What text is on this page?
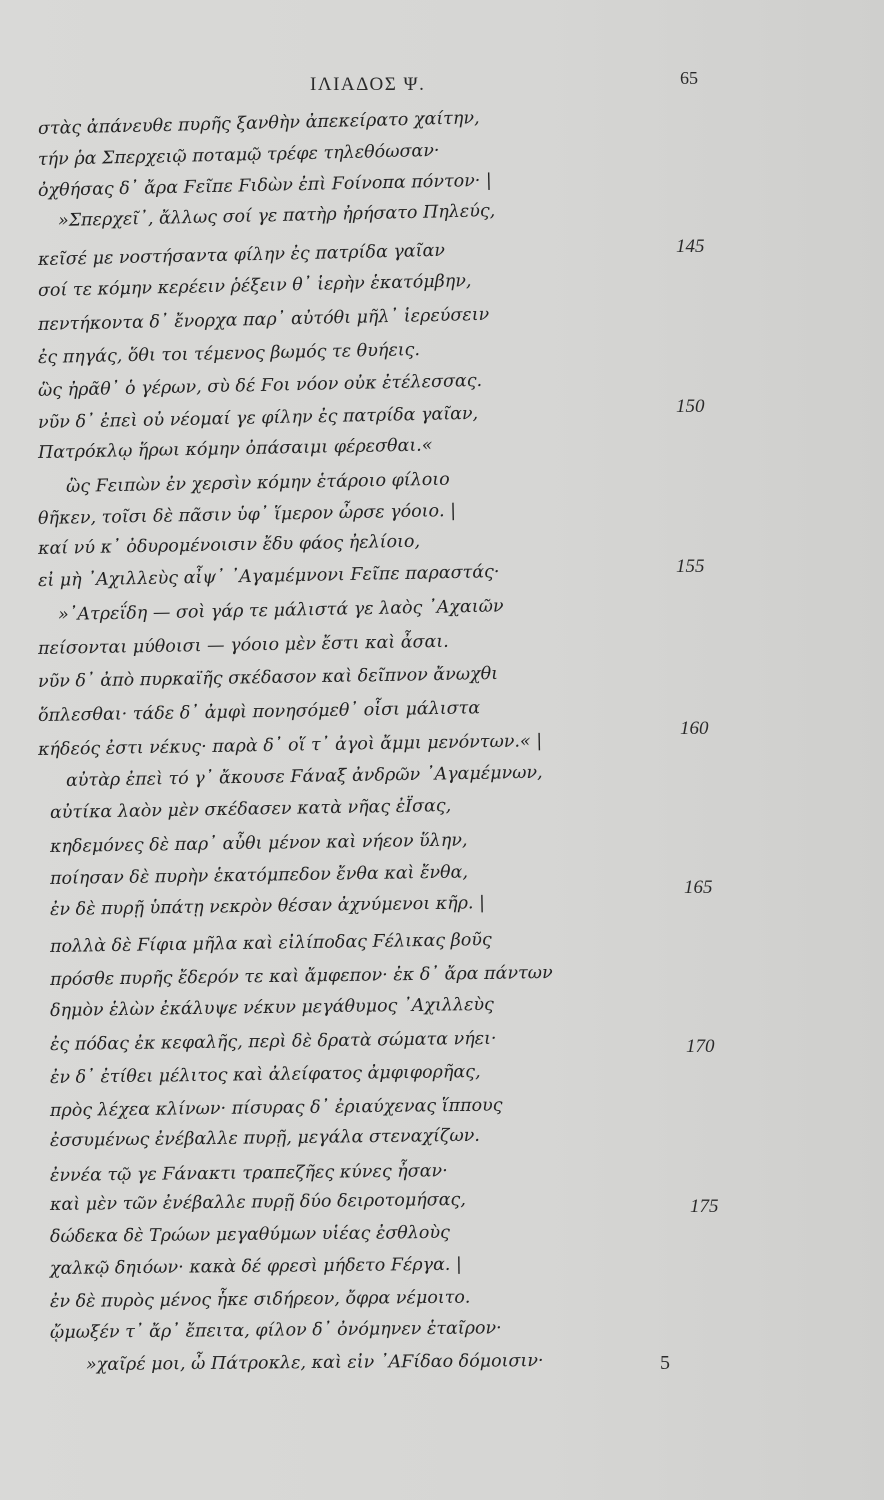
ΙΛΙΑΔΟΣ Ψ.	65
στὰς ἀπάνευθε πυρῆς ξανθὴν ἀπεκείρατο χαίτην,
τήν ῥα Σπερχειῷ ποταμῷ τρέφε τηλεθόωσαν·
ὀχθήσας δ᾽ ἄρα Ϝεῖπε Ϝιδὼν ἐπὶ Ϝοίνοπα πόντον· |
»Σπερχεῖ᾽, ἄλλως σοί γε πατὴρ ἠρήσατο Πηλεύς,
κεῖσέ με νοστήσαντα φίλην ἐς πατρίδα γαῖαν
σοί τε κόμην κερέειν ῥέξειν θ᾽ ἱερὴν ἑκατόμβην,
πεντήκοντα δ᾽ ἔνορχα παρ᾽ αὐτόθι μῆλ᾽ ἱερεύσειν
ἐς πηγάς, ὅθι τοι τέμενος βωμός τε θυήεις.
ὣς ἠρᾶθ᾽ ὁ γέρων, σὺ δέ Ϝοι νόον οὐκ ἐτέλεσσας.
νῦν δ᾽ ἐπεὶ οὐ νέομαί γε φίλην ἐς πατρίδα γαῖαν,
Πατρόκλῳ ἥρωι κόμην ὀπάσαιμι φέρεσθαι.«
ὣς Ϝειπὼν ἐν χερσὶν κόμην ἑτάροιο φίλοιο
θῆκεν, τοῖσι δὲ πᾶσιν ὑφ᾽ ἵμερον ὦρσε γόοιο. |
καί νύ κ᾽ ὀδυρομένοισιν ἔδυ φάος ἠελίοιο,
εἰ μὴ ᾽Αχιλλεὺς αἶψ᾽ ᾽Αγαμέμνονι Ϝεῖπε παραστάς·
»᾽Ατρεΐδη — σοὶ γάρ τε μάλιστά γε λαὸς ᾽Αχαιῶν
πείσονται μύθοισι — γόοιο μὲν ἔστι καὶ ἆσαι.
νῦν δ᾽ ἀπὸ πυρκαϊῆς σκέδασον καὶ δεῖπνον ἄνωχθι
ὅπλεσθαι· τάδε δ᾽ ἀμφὶ πονησόμεθ᾽ οἷσι μάλιστα
κήδεός ἐστι νέκυς· παρὰ δ᾽ οἵ τ᾽ ἀγοὶ ἄμμι μενόντων.« |
αὐτὰρ ἐπεὶ τό γ᾽ ἄκουσε Ϝάναξ ἀνδρῶν ᾽Αγαμέμνων,
αὐτίκα λαὸν μὲν σκέδασεν κατὰ νῆας ἐΪσας,
κηδεμόνες δὲ παρ᾽ αὖθι μένον καὶ νήεον ὕλην,
ποίησαν δὲ πυρὴν ἑκατόμπεδον ἔνθα καὶ ἔνθα,
ἐν δὲ πυρῇ ὑπάτῃ νεκρὸν θέσαν ἀχνύμενοι κῆρ. |
πολλὰ δὲ Ϝίφια μῆλα καὶ εἰλίποδας Ϝέλικας βοῦς
πρόσθε πυρῆς ἔδερόν τε καὶ ἄμφεπον· ἐκ δ᾽ ἄρα πάντων
δημὸν ἑλὼν ἐκάλυψε νέκυν μεγάθυμος ᾽Αχιλλεὺς
ἐς πόδας ἐκ κεφαλῆς, περὶ δὲ δρατὰ σώματα νήει·
ἐν δ᾽ ἐτίθει μέλιτος καὶ ἀλείφατος ἀμφιφορῆας,
πρὸς λέχεα κλίνων· πίσυρας δ᾽ ἐριαύχενας ἵππους
ἐσσυμένως ἐνέβαλλε πυρῇ, μεγάλα στεναχίζων.
ἐννέα τῷ γε Ϝάνακτι τραπεζῆες κύνες ἦσαν·
καὶ μὲν τῶν ἐνέβαλλε πυρῇ δύο δειροτομήσας,
δώδεκα δὲ Τρώων μεγαθύμων υἱέας ἐσθλοὺς
χαλκῷ δηιόων· κακὰ δέ φρεσὶ μήδετο Ϝέργα. |
ἐν δὲ πυρὸς μένος ἧκε σιδήρεον, ὄφρα νέμοιτο.
ᾤμωξέν τ᾽ ἄρ᾽ ἔπειτα, φίλον δ᾽ ὀνόμηνεν ἑταῖρον·
»χαῖρέ μοι, ὦ Πάτροκλε, καὶ εἰν ᾽ΑϜίδαο δόμοισιν·
145
150
155
160
165
170
175
5
